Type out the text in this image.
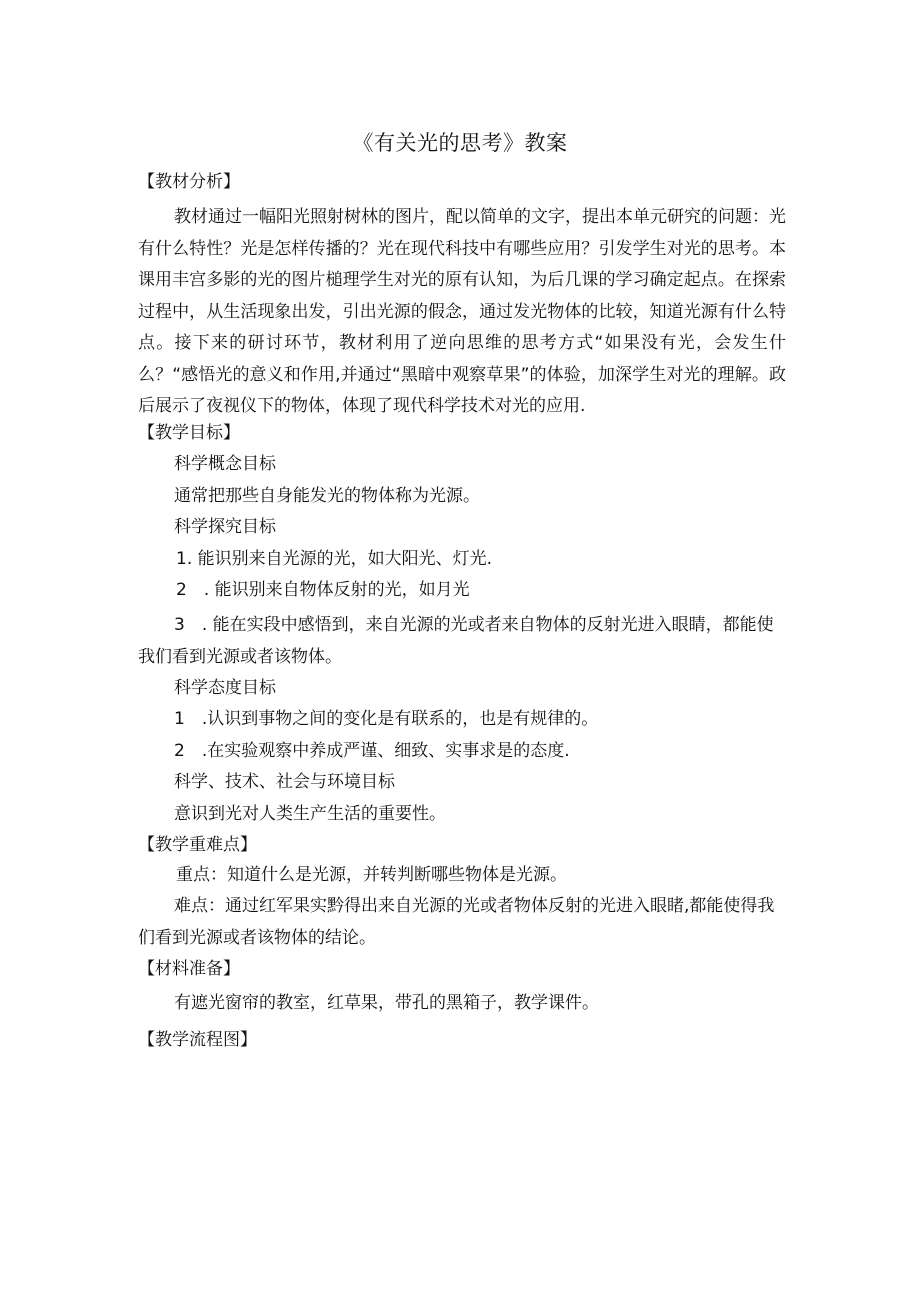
《有关光的思考》教案
【教材分析】

教材通过一幅阳光照射树林的图片，配以简单的文字，提出本单元研究的问题：光有什么特性？光是怎样传播的？光在现代科技中有哪些应用？引发学生对光的思考。本课用丰宫多影的光的图片槌理学生对光的原有认知，为后几课的学习确定起点。在探索过程中，从生活现象出发，引出光源的假念，通过发光物体的比较，知道光源有什么特点。接下来的研讨环节，教材利用了逆向思维的思考方式“如果没有光，会发生什么？“感悟光的意义和作用,并通过“黑暗中观察草果”的体验，加深学生对光的理解。政后展示了夜视仪下的物体，体现了现代科学技术对光的应用.

【教学目标】
科学概念目标
通常把那些自身能发光的物体称为光源。
科学探究目标
1. 能识别来自光源的光，如大阳光、灯光.
2　. 能识别来自物体反射的光，如月光

3　. 能在实段中感悟到，来自光源的光或者来自物体的反射光进入眼睛，都能使我们看到光源或者该物体。

科学态度目标
1　.认识到事物之间的变化是有联系的，也是有规律的。
2　.在实验观察中养成严谨、细致、实事求是的态度.
科学、技术、社会与环境目标
意识到光对人类生产生活的重要性。
【教学重难点】
重点：知道什么是光源，并转判断哪些物体是光源。

难点：通过红军果实黔得出来自光源的光或者物体反射的光进入眼睹,都能使得我们看到光源或者该物体的结论。

【材料准备】
有遮光窗帘的教室，红草果，带孔的黑箱子，教学课件。
【教学流程图】
